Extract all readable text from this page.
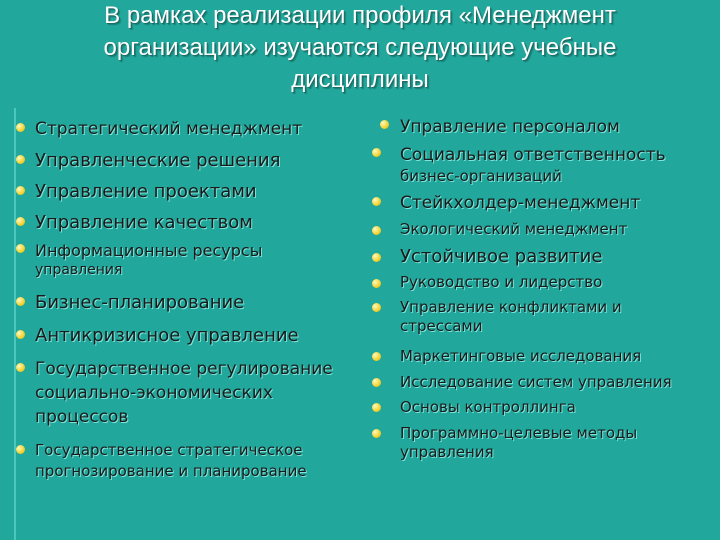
В рамках реализации профиля «Менеджмент
организации» изучаются следующие учебные
дисциплины
Стратегический менеджмент
Управленческие решения
Управление проектами
Управление качеством
Информационные ресурсы
управления
Бизнес-планирование
Антикризисное управление
Государственное регулирование
социально-экономических
процессов
Государственное стратегическое
прогнозирование и планирование
Управление персоналом
Социальная ответственность
бизнес-организаций
Стейкхолдер-менеджмент
Экологический менеджмент
Устойчивое развитие
Руководство и лидерство
Управление конфликтами и
стрессами
Маркетинговые исследования
Исследование систем управления
Основы контроллинга
Программно-целевые методы
управления
